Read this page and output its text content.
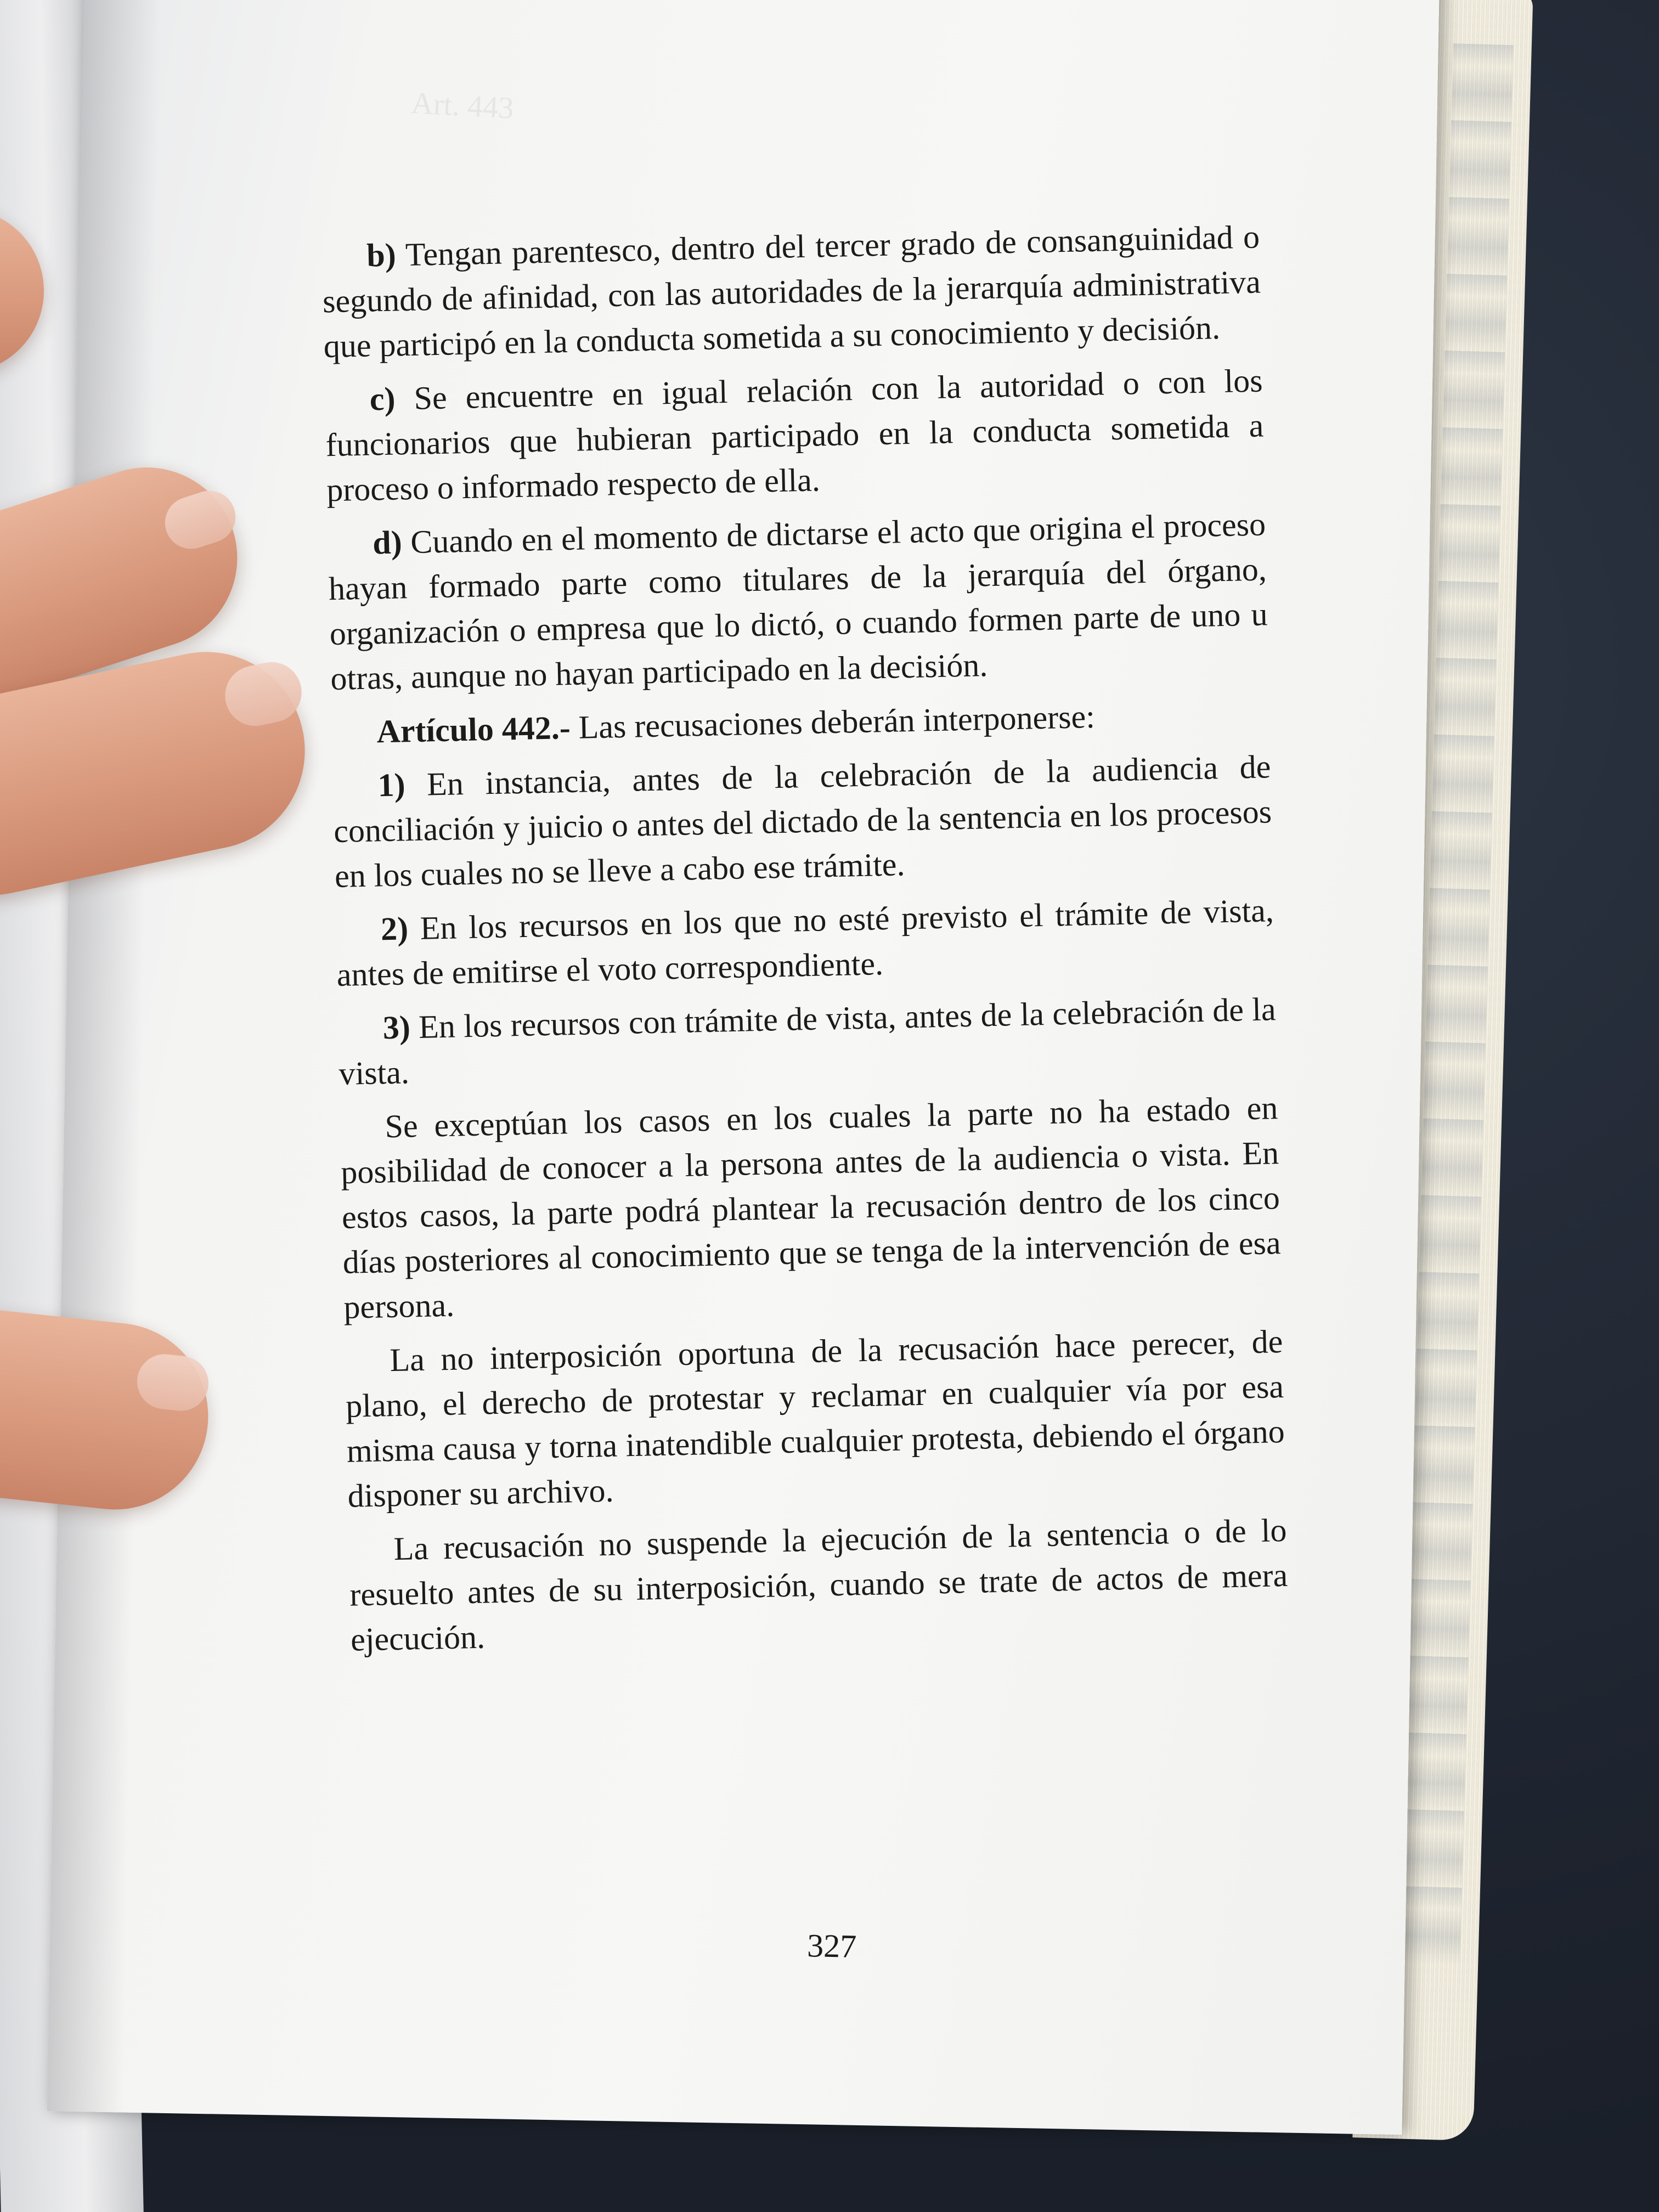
Art. 443

b) Tengan parentesco, dentro del tercer grado de consanguinidad o segundo de afinidad, con las autoridades de la jerarquía administrativa que participó en la conducta sometida a su conocimiento y decisión.

c) Se encuentre en igual relación con la autoridad o con los funcionarios que hubieran participado en la conducta sometida a proceso o informado respecto de ella.

d) Cuando en el momento de dictarse el acto que origina el proceso hayan formado parte como titulares de la jerarquía del órgano, organización o empresa que lo dictó, o cuando formen parte de uno u otras, aunque no hayan participado en la decisión.

Artículo 442.- Las recusaciones deberán interponerse:

1) En instancia, antes de la celebración de la audiencia de conciliación y juicio o antes del dictado de la sentencia en los procesos en los cuales no se lleve a cabo ese trámite.

2) En los recursos en los que no esté previsto el trámite de vista, antes de emitirse el voto correspondiente.

3) En los recursos con trámite de vista, antes de la celebración de la vista.

Se exceptúan los casos en los cuales la parte no ha estado en posibilidad de conocer a la persona antes de la audiencia o vista. En estos casos, la parte podrá plantear la recusación dentro de los cinco días posteriores al conocimiento que se tenga de la intervención de esa persona.

La no interposición oportuna de la recusación hace perecer, de plano, el derecho de protestar y reclamar en cualquier vía por esa misma causa y torna inatendible cualquier protesta, debiendo el órgano disponer su archivo.

La recusación no suspende la ejecución de la sentencia o de lo resuelto antes de su interposición, cuando se trate de actos de mera ejecución.

327
